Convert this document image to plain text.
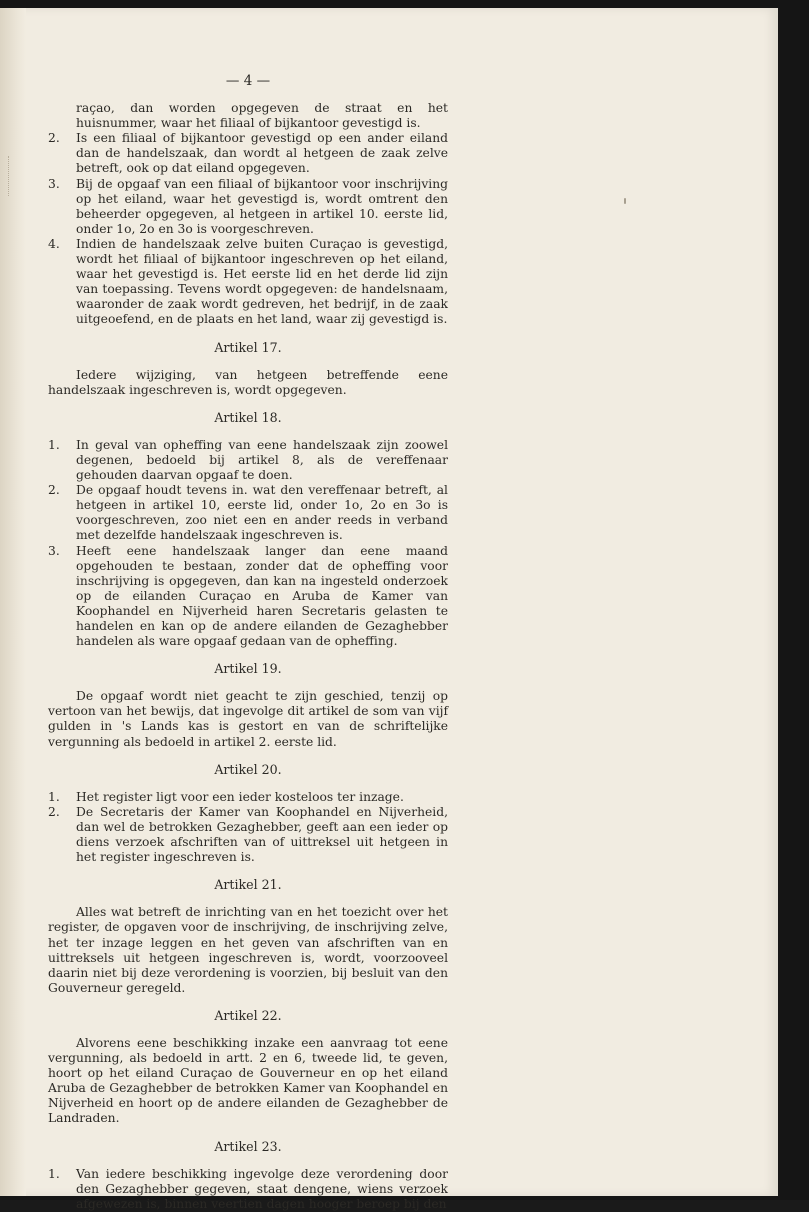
— 4 —
raçao, dan worden opgegeven de straat en het huisnummer, waar het filiaal of bijkantoor gevestigd is.
2.	Is een filiaal of bijkantoor gevestigd op een ander eiland dan de handelszaak, dan wordt al hetgeen de zaak zelve betreft, ook op dat eiland opgegeven.
3.	Bij de opgaaf van een filiaal of bijkantoor voor inschrijving op het eiland, waar het gevestigd is, wordt omtrent den beheerder opgegeven, al hetgeen in artikel 10. eerste lid, onder 1o, 2o en 3o is voorgeschreven.
4.	Indien de handelszaak zelve buiten Curaçao is gevestigd, wordt het filiaal of bijkantoor ingeschreven op het eiland, waar het gevestigd is. Het eerste lid en het derde lid zijn van toepassing. Tevens wordt opgegeven: de handelsnaam, waaronder de zaak wordt gedreven, het bedrijf, in de zaak uitgeoefend, en de plaats en het land, waar zij gevestigd is.
Artikel 17.

Iedere wijziging, van hetgeen betreffende eene handelszaak ingeschreven is, wordt opgegeven.

Artikel 18.
1.	In geval van opheffing van eene handelszaak zijn zoowel degenen, bedoeld bij artikel 8, als de vereffenaar gehouden daarvan opgaaf te doen.
2.	De opgaaf houdt tevens in. wat den vereffenaar betreft, al hetgeen in artikel 10, eerste lid, onder 1o, 2o en 3o is voorgeschreven, zoo niet een en ander reeds in verband met dezelfde handelszaak ingeschreven is.
3.	Heeft eene handelszaak langer dan eene maand opgehouden te bestaan, zonder dat de opheffing voor inschrijving is opgegeven, dan kan na ingesteld onderzoek op de eilanden Curaçao en Aruba de Kamer van Koophandel en Nijverheid haren Secretaris gelasten te handelen en kan op de andere eilanden de Gezaghebber handelen als ware opgaaf gedaan van de opheffing.
Artikel 19.

De opgaaf wordt niet geacht te zijn geschied, tenzij op vertoon van het bewijs, dat ingevolge dit artikel de som van vijf gulden in 's Lands kas is gestort en van de schriftelijke vergunning als bedoeld in artikel 2. eerste lid.

Artikel 20.
1.	Het register ligt voor een ieder kosteloos ter inzage.
2.	De Secretaris der Kamer van Koophandel en Nijverheid, dan wel de betrokken Gezaghebber, geeft aan een ieder op diens verzoek afschriften van of uittreksel uit hetgeen in het register ingeschreven is.
Artikel 21.

Alles wat betreft de inrichting van en het toezicht over het register, de opgaven voor de inschrijving, de inschrijving zelve, het ter inzage leggen en het geven van afschriften van en uittreksels uit hetgeen ingeschreven is, wordt, voorzooveel daarin niet bij deze verordening is voorzien, bij besluit van den Gouverneur geregeld.

Artikel 22.

Alvorens eene beschikking inzake een aanvraag tot eene vergunning, als bedoeld in artt. 2 en 6, tweede lid, te geven, hoort op het eiland Curaçao de Gouverneur en op het eiland Aruba de Gezaghebber de betrokken Kamer van Koophandel en Nijverheid en hoort op de andere eilanden de Gezaghebber de Landraden.

Artikel 23.
1.	Van iedere beschikking ingevolge deze verordening door den Gezaghebber gegeven, staat dengene, wiens verzoek afgewezen is, binnen veertien dagen hooger beroep bij den
